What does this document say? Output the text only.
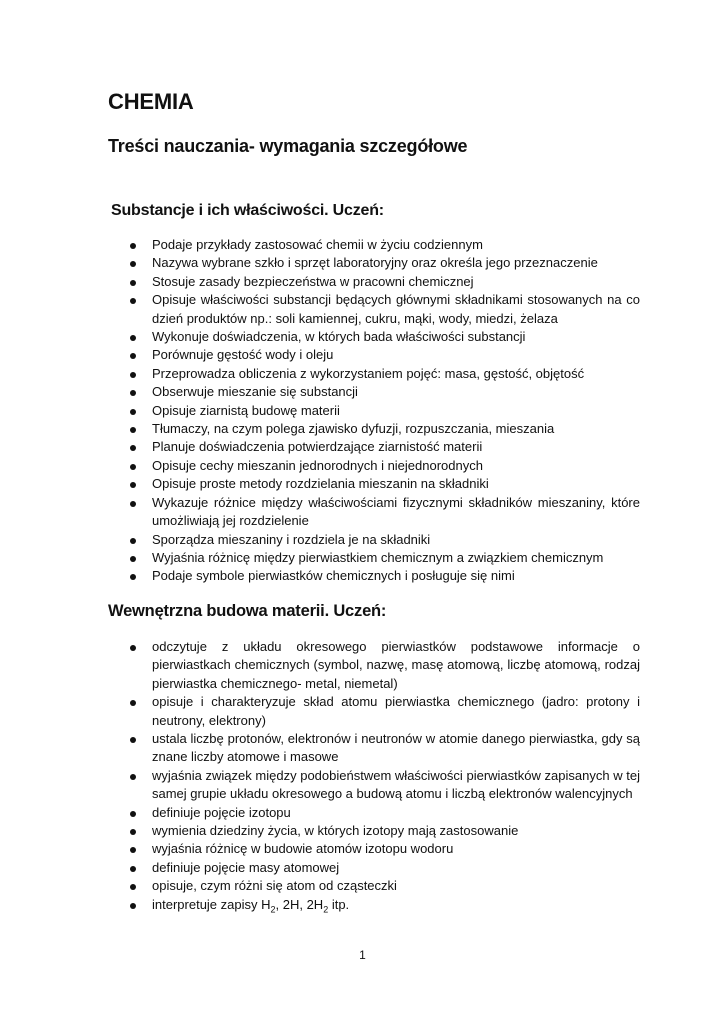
CHEMIA
Treści nauczania- wymagania szczegółowe
Substancje i ich właściwości. Uczeń:
Podaje przykłady zastosować chemii w życiu codziennym
Nazywa wybrane szkło i sprzęt laboratoryjny oraz określa jego przeznaczenie
Stosuje zasady bezpieczeństwa w pracowni chemicznej
Opisuje właściwości substancji będących głównymi składnikami stosowanych na co dzień produktów np.: soli kamiennej, cukru, mąki, wody, miedzi, żelaza
Wykonuje doświadczenia, w których bada właściwości substancji
Porównuje gęstość wody i oleju
Przeprowadza obliczenia z wykorzystaniem pojęć: masa, gęstość, objętość
Obserwuje mieszanie się substancji
Opisuje ziarnistą budowę materii
Tłumaczy, na czym polega zjawisko dyfuzji, rozpuszczania, mieszania
Planuje doświadczenia potwierdzające ziarnistość materii
Opisuje cechy mieszanin jednorodnych i niejednorodnych
Opisuje proste metody rozdzielania mieszanin na składniki
Wykazuje różnice między właściwościami fizycznymi składników mieszaniny, które umożliwiają jej rozdzielenie
Sporządza mieszaniny i rozdziela je na składniki
Wyjaśnia różnicę między pierwiastkiem chemicznym a związkiem chemicznym
Podaje symbole pierwiastków chemicznych i posługuje się nimi
Wewnętrzna budowa materii. Uczeń:
odczytuje z układu okresowego pierwiastków podstawowe informacje o pierwiastkach chemicznych (symbol, nazwę, masę atomową, liczbę atomową, rodzaj pierwiastka chemicznego- metal, niemetal)
opisuje i charakteryzuje skład atomu pierwiastka chemicznego (jadro: protony i neutrony, elektrony)
ustala liczbę protonów, elektronów i neutronów w atomie danego pierwiastka, gdy są znane liczby atomowe i masowe
wyjaśnia związek między podobieństwem właściwości pierwiastków zapisanych w tej samej grupie układu okresowego a budową atomu i liczbą elektronów walencyjnych
definiuje pojęcie izotopu
wymienia dziedziny życia, w których izotopy mają zastosowanie
wyjaśnia różnicę w budowie atomów izotopu wodoru
definiuje pojęcie masy atomowej
opisuje, czym różni się atom od cząsteczki
interpretuje zapisy $H_2$, 2H, $2H_2$ itp.
1
